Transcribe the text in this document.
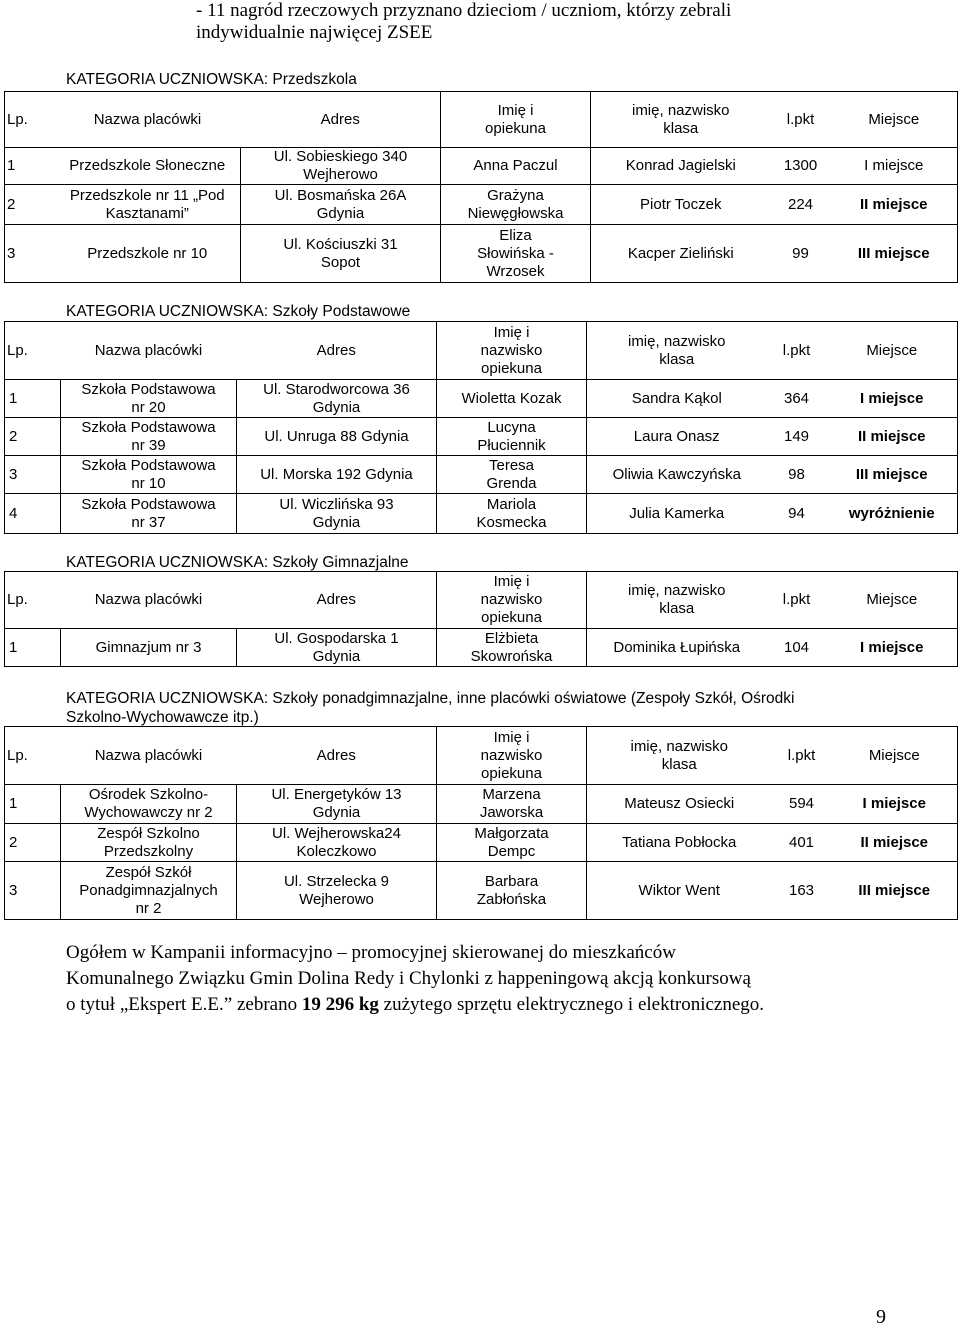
- 11 nagród rzeczowych przyznano dzieciom / uczniom, którzy zebrali
indywidualnie najwięcej ZSEE
KATEGORIA UCZNIOWSKA: Przedszkola
Lp.	Nazwa placówki	Adres	Imię i
opiekuna	imię, nazwisko
klasa	l.pkt	Miejsce
1	Przedszkole Słoneczne	Ul. Sobieskiego 340
Wejherowo	Anna Paczul	Konrad Jagielski	1300	I miejsce
2	Przedszkole nr 11 „Pod
Kasztanami”	Ul. Bosmańska 26A
Gdynia	Grażyna
Niewęgłowska	Piotr Toczek	224	II miejsce
3	Przedszkole nr 10	Ul. Kościuszki 31
Sopot	Eliza
Słowińska -
Wrzosek	Kacper Zieliński	99	III miejsce
KATEGORIA UCZNIOWSKA: Szkoły Podstawowe
Lp.	Nazwa placówki	Adres	Imię i
nazwisko
opiekuna	imię, nazwisko
klasa	l.pkt	Miejsce
1	Szkoła Podstawowa
nr 20	Ul. Starodworcowa 36
Gdynia	Wioletta Kozak	Sandra Kąkol	364	I miejsce
2	Szkoła Podstawowa
nr 39	Ul. Unruga 88 Gdynia	Lucyna
Płuciennik	Laura Onasz	149	II miejsce
3	Szkoła Podstawowa
nr 10	Ul. Morska 192 Gdynia	Teresa
Grenda	Oliwia Kawczyńska	98	III miejsce
4	Szkoła Podstawowa
nr 37	Ul. Wiczlińska 93
Gdynia	Mariola
Kosmecka	Julia Kamerka	94	wyróżnienie
KATEGORIA UCZNIOWSKA: Szkoły Gimnazjalne
Lp.	Nazwa placówki	Adres	Imię i
nazwisko
opiekuna	imię, nazwisko
klasa	l.pkt	Miejsce
1	Gimnazjum nr 3	Ul. Gospodarska 1
Gdynia	Elżbieta
Skowrońska	Dominika Łupińska	104	I miejsce
KATEGORIA UCZNIOWSKA: Szkoły ponadgimnazjalne, inne placówki oświatowe (Zespoły Szkół, Ośrodki
Szkolno-Wychowawcze itp.)
Lp.	Nazwa placówki	Adres	Imię i
nazwisko
opiekuna	imię, nazwisko
klasa	l.pkt	Miejsce
1	Ośrodek Szkolno-
Wychowawczy nr 2	Ul. Energetyków 13
Gdynia	Marzena
Jaworska	Mateusz Osiecki	594	I miejsce
2	Zespół Szkolno
Przedszkolny	Ul. Wejherowska24
Koleczkowo	Małgorzata
Dempc	Tatiana Pobłocka	401	II miejsce
3	Zespół Szkół
Ponadgimnazjalnych
nr 2	Ul. Strzelecka 9
Wejherowo	Barbara
Zabłońska	Wiktor Went	163	III miejsce
Ogółem w Kampanii informacyjno – promocyjnej skierowanej do mieszkańców
Komunalnego Związku Gmin Dolina Redy i Chylonki z happeningową akcją konkursową
o tytuł „Ekspert E.E.” zebrano 19 296 kg zużytego sprzętu elektrycznego i elektronicznego.
9
